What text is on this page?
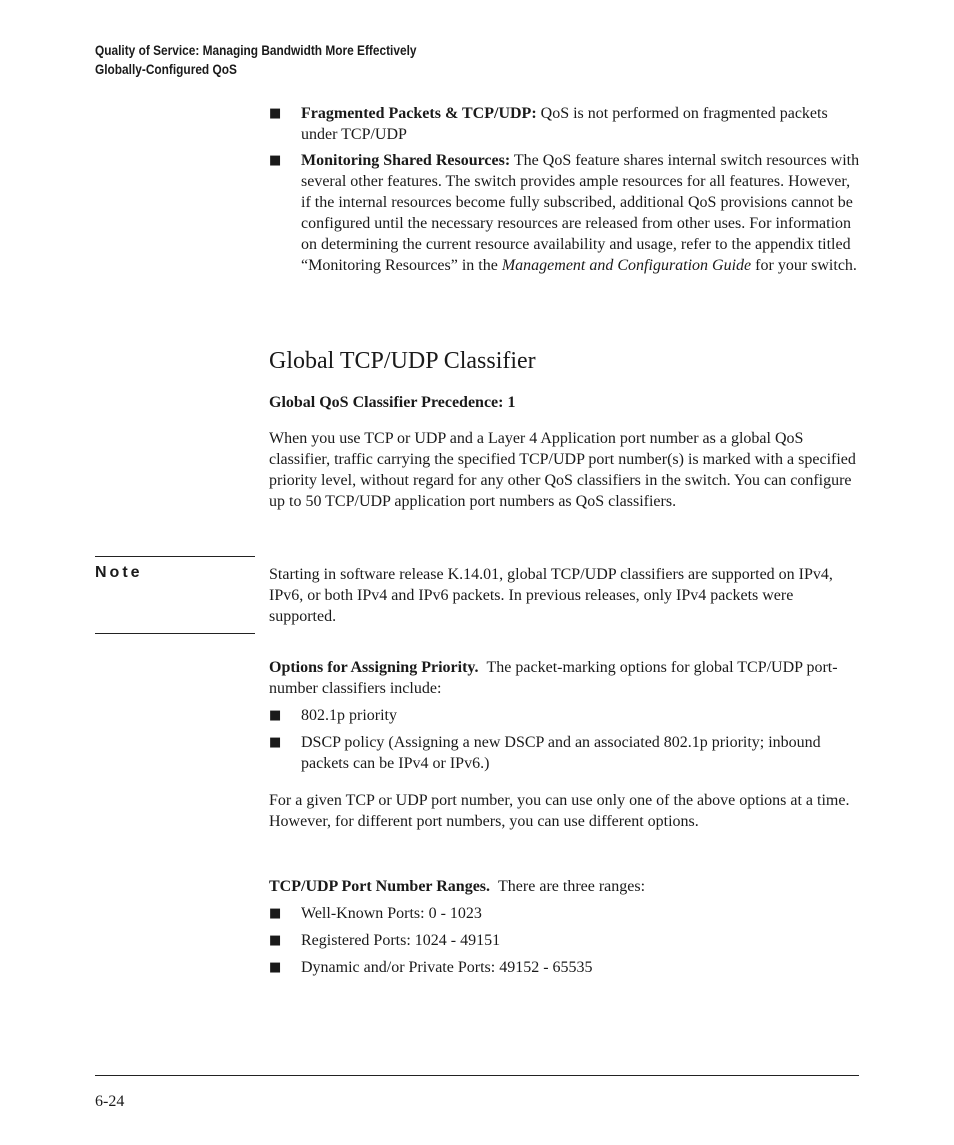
Quality of Service: Managing Bandwidth More Effectively
Globally-Configured QoS
■ Fragmented Packets & TCP/UDP: QoS is not performed on fragmented packets under TCP/UDP
■ Monitoring Shared Resources: The QoS feature shares internal switch resources with several other features. The switch provides ample resources for all features. However, if the internal resources become fully subscribed, additional QoS provisions cannot be configured until the necessary resources are released from other uses. For information on determining the current resource availability and usage, refer to the appendix titled “Monitoring Resources” in the Management and Configuration Guide for your switch.
Global TCP/UDP Classifier
Global QoS Classifier Precedence: 1
When you use TCP or UDP and a Layer 4 Application port number as a global QoS classifier, traffic carrying the specified TCP/UDP port number(s) is marked with a specified priority level, without regard for any other QoS classifiers in the switch. You can configure up to 50 TCP/UDP application port numbers as QoS classifiers.
Note	Starting in software release K.14.01, global TCP/UDP classifiers are supported on IPv4, IPv6, or both IPv4 and IPv6 packets. In previous releases, only IPv4 packets were supported.
Options for Assigning Priority. The packet-marking options for global TCP/UDP port-number classifiers include:
■ 802.1p priority
■ DSCP policy (Assigning a new DSCP and an associated 802.1p priority; inbound packets can be IPv4 or IPv6.)
For a given TCP or UDP port number, you can use only one of the above options at a time. However, for different port numbers, you can use different options.
TCP/UDP Port Number Ranges. There are three ranges:
■ Well-Known Ports: 0 - 1023
■ Registered Ports: 1024 - 49151
■ Dynamic and/or Private Ports: 49152 - 65535
6-24
